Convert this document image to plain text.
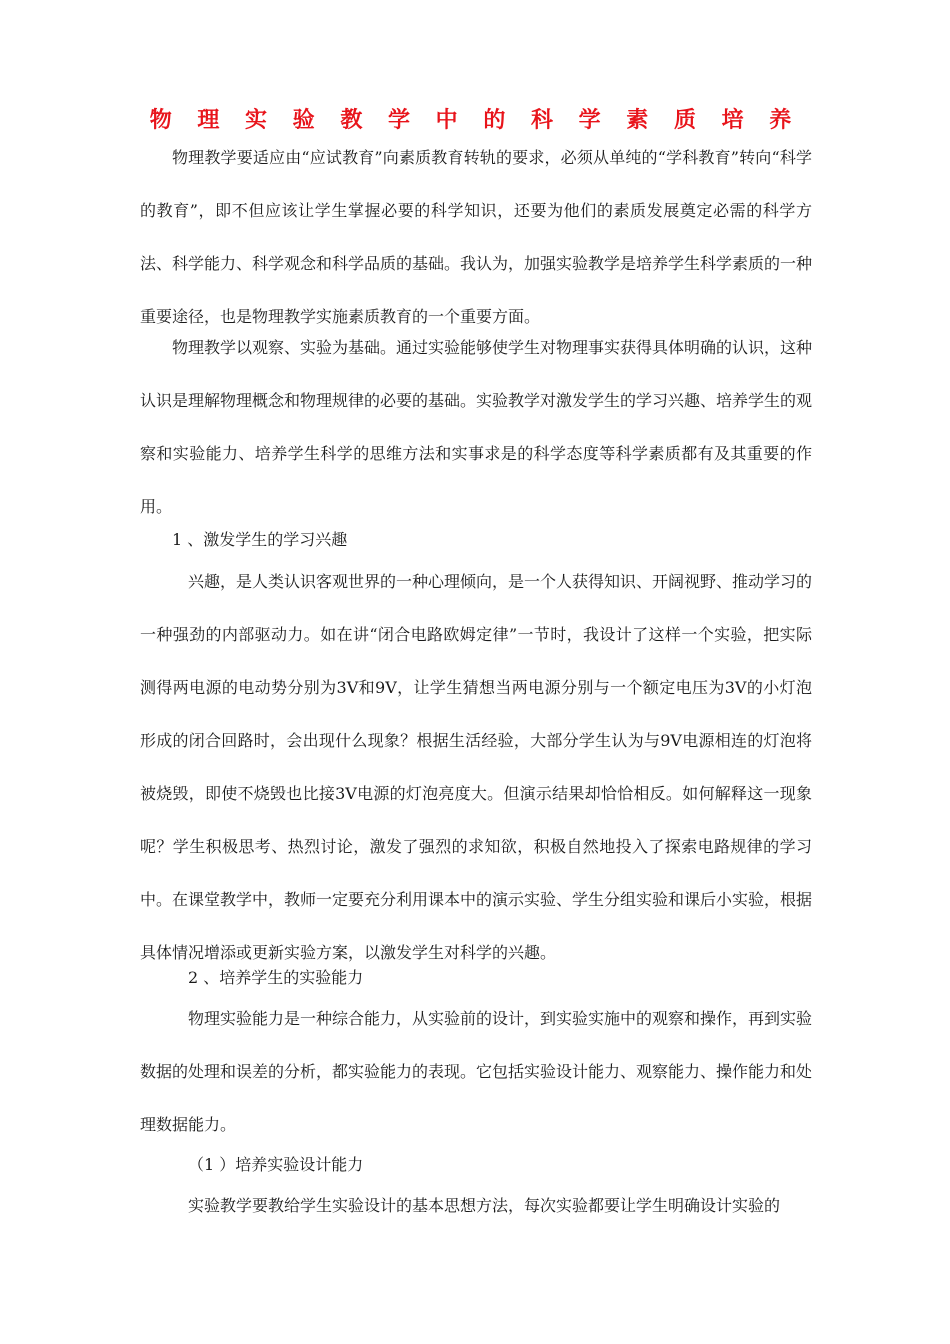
物 理 实 验 教 学 中 的 科 学 素 质 培 养

物理教学要适应由“应试教育”向素质教育转轨的要求，必须从单纯的“学科教育”转向“科学的教育”，即不但应该让学生掌握必要的科学知识，还要为他们的素质发展奠定必需的科学方法、科学能力、科学观念和科学品质的基础。我认为，加强实验教学是培养学生科学素质的一种重要途径，也是物理教学实施素质教育的一个重要方面。

物理教学以观察、实验为基础。通过实验能够使学生对物理事实获得具体明确的认识，这种认识是理解物理概念和物理规律的必要的基础。实验教学对激发学生的学习兴趣、培养学生的观察和实验能力、培养学生科学的思维方法和实事求是的科学态度等科学素质都有及其重要的作用。

1 、激发学生的学习兴趣

兴趣，是人类认识客观世界的一种心理倾向，是一个人获得知识、开阔视野、推动学习的一种强劲的内部驱动力。如在讲“闭合电路欧姆定律”一节时，我设计了这样一个实验，把实际测得两电源的电动势分别为3V和9V，让学生猜想当两电源分别与一个额定电压为3V的小灯泡形成的闭合回路时，会出现什么现象？根据生活经验，大部分学生认为与9V电源相连的灯泡将被烧毁，即使不烧毁也比接3V电源的灯泡亮度大。但演示结果却恰恰相反。如何解释这一现象呢？学生积极思考、热烈讨论，激发了强烈的求知欲，积极自然地投入了探索电路规律的学习中。在课堂教学中，教师一定要充分利用课本中的演示实验、学生分组实验和课后小实验，根据具体情况增添或更新实验方案，以激发学生对科学的兴趣。

2 、培养学生的实验能力

物理实验能力是一种综合能力，从实验前的设计，到实验实施中的观察和操作，再到实验数据的处理和误差的分析，都实验能力的表现。它包括实验设计能力、观察能力、操作能力和处理数据能力。

（1 ）培养实验设计能力

实验教学要教给学生实验设计的基本思想方法，每次实验都要让学生明确设计实验的
